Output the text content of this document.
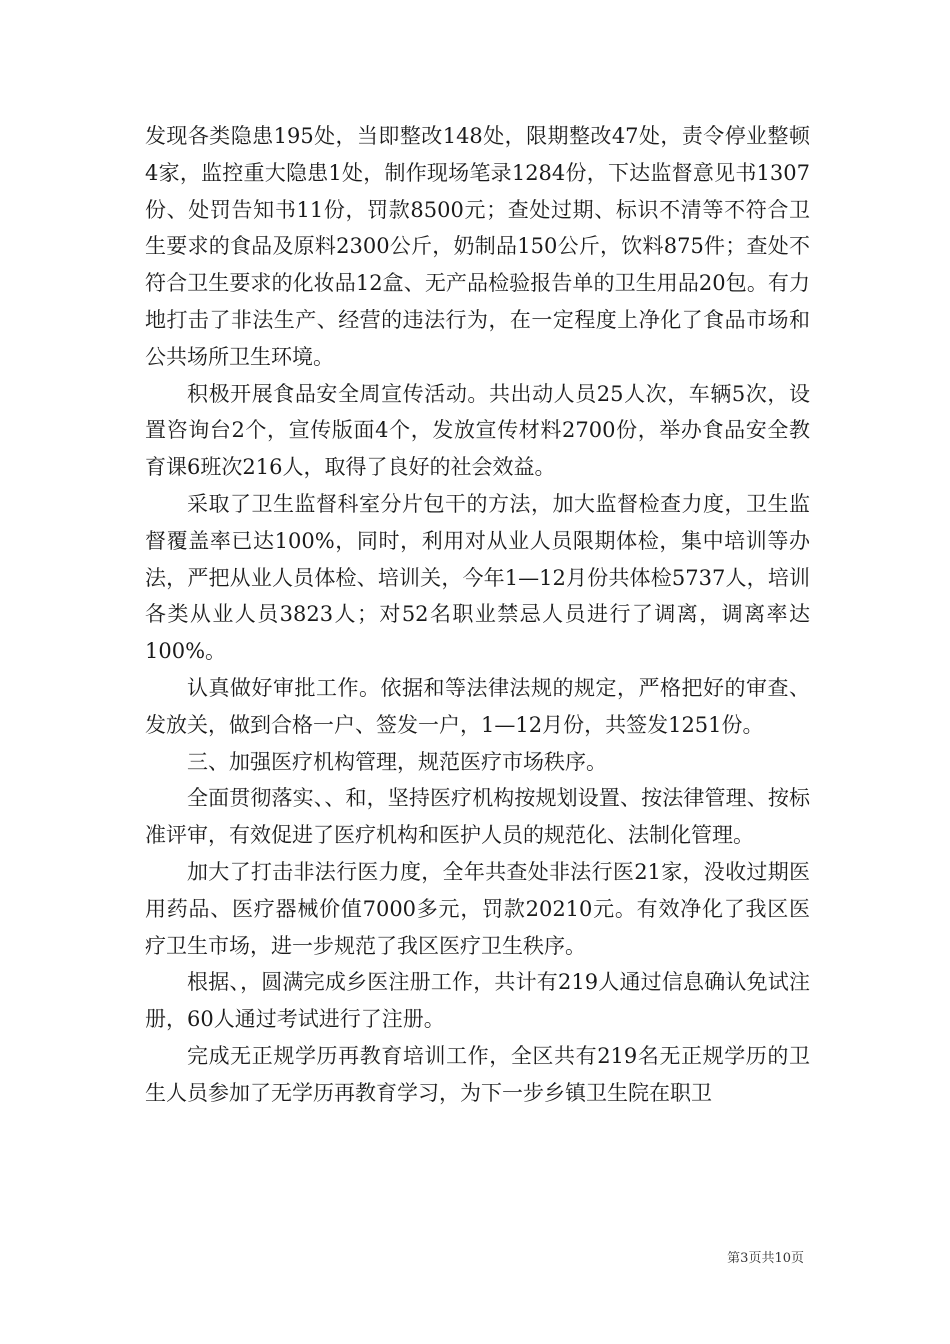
发现各类隐患195处，当即整改148处，限期整改47处，责令停业整顿4家，监控重大隐患1处，制作现场笔录1284份，下达监督意见书1307份、处罚告知书11份，罚款8500元；查处过期、标识不清等不符合卫生要求的食品及原料2300公斤，奶制品150公斤，饮料875件；查处不符合卫生要求的化妆品12盒、无产品检验报告单的卫生用品20包。有力地打击了非法生产、经营的违法行为，在一定程度上净化了食品市场和公共场所卫生环境。

积极开展食品安全周宣传活动。共出动人员25人次，车辆5次，设置咨询台2个，宣传版面4个，发放宣传材料2700份，举办食品安全教育课6班次216人，取得了良好的社会效益。

采取了卫生监督科室分片包干的方法，加大监督检查力度，卫生监督覆盖率已达100%，同时，利用对从业人员限期体检，集中培训等办法，严把从业人员体检、培训关，今年1—12月份共体检5737人，培训各类从业人员3823人；对52名职业禁忌人员进行了调离，调离率达100%。

认真做好审批工作。依据和等法律法规的规定，严格把好的审查、发放关，做到合格一户、签发一户，1—12月份，共签发1251份。

三、加强医疗机构管理，规范医疗市场秩序。

全面贯彻落实、、和，坚持医疗机构按规划设置、按法律管理、按标准评审，有效促进了医疗机构和医护人员的规范化、法制化管理。

加大了打击非法行医力度，全年共查处非法行医21家，没收过期医用药品、医疗器械价值7000多元，罚款20210元。有效净化了我区医疗卫生市场，进一步规范了我区医疗卫生秩序。

根据、，圆满完成乡医注册工作，共计有219人通过信息确认免试注册，60人通过考试进行了注册。

完成无正规学历再教育培训工作，全区共有219名无正规学历的卫生人员参加了无学历再教育学习，为下一步乡镇卫生院在职卫

第3页共10页
